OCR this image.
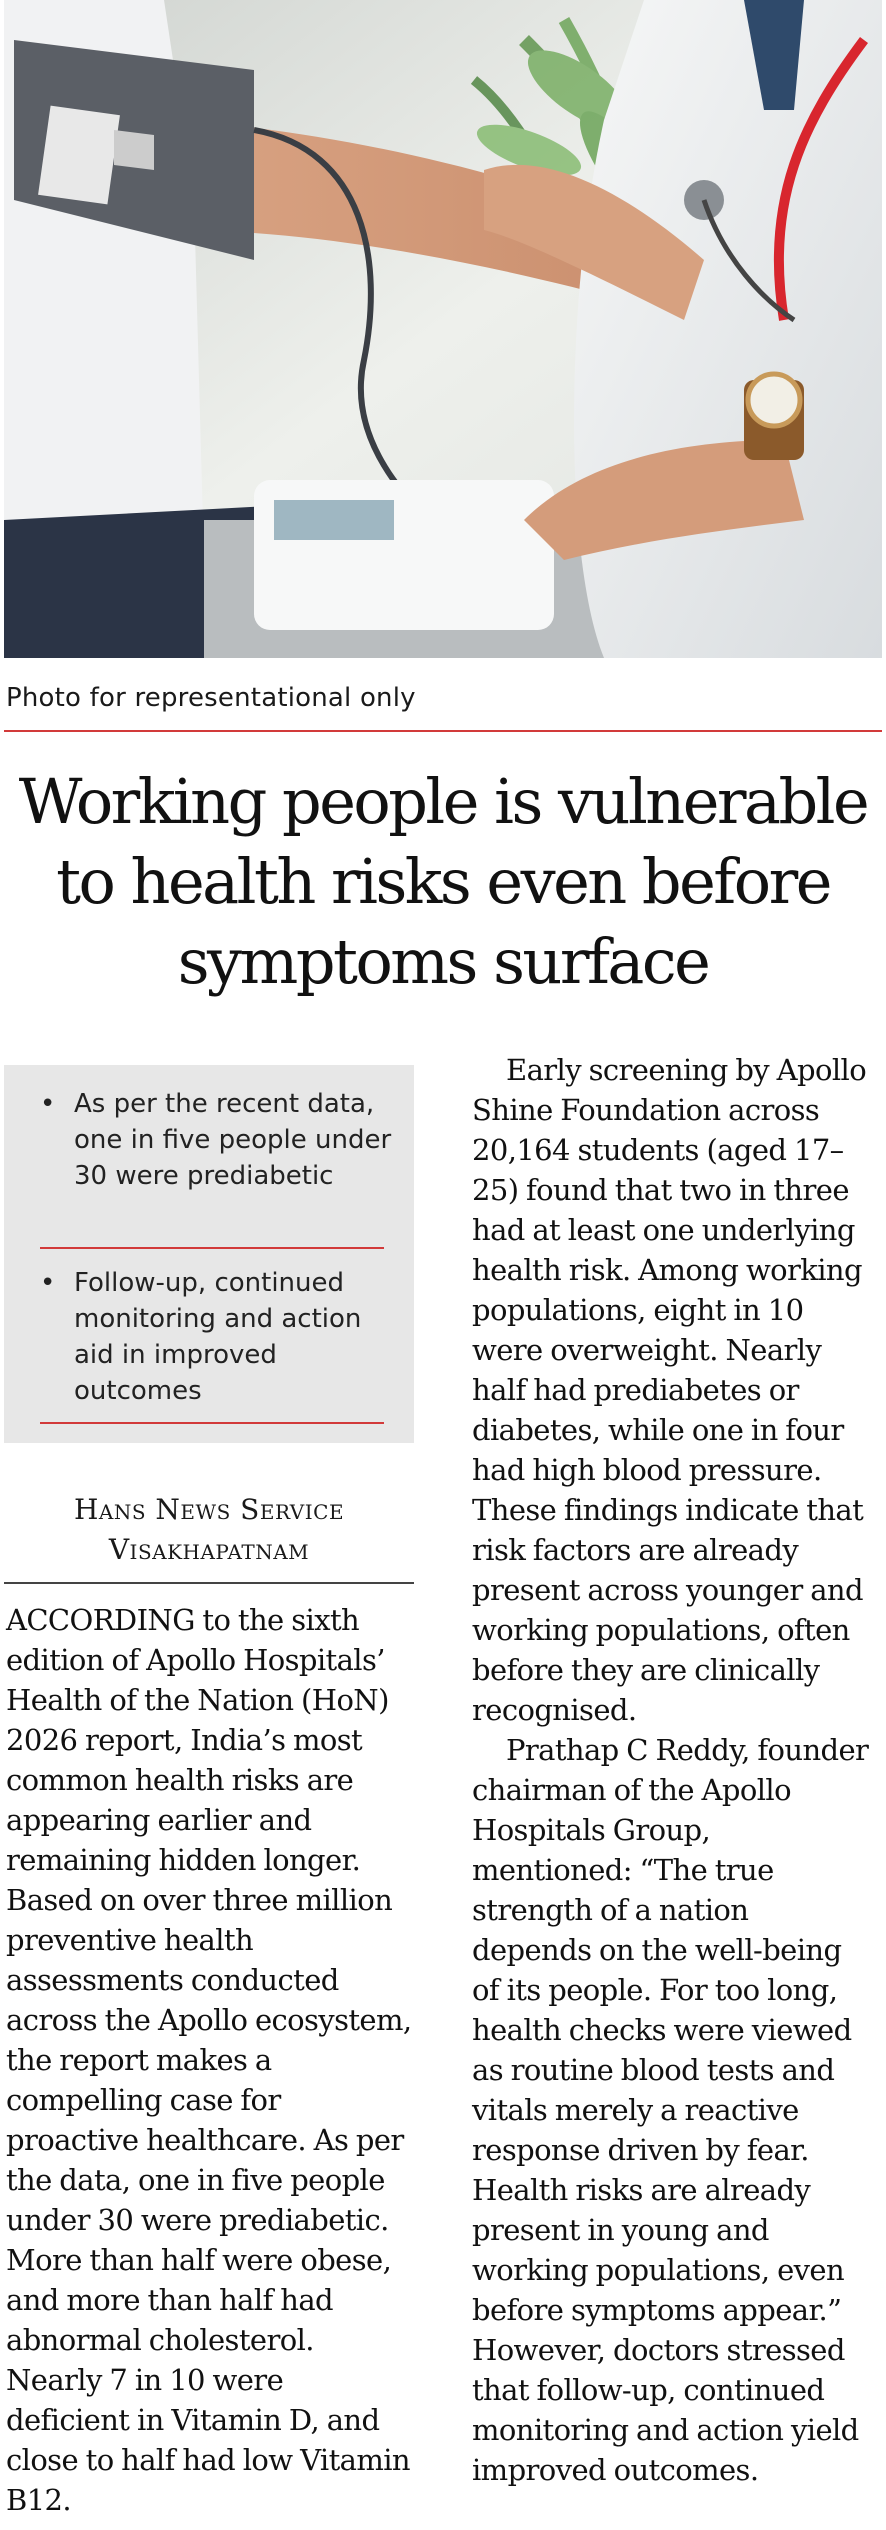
Photo for representational only
Working people is vulnerable to health risks even before symptoms surface
• As per the recent data, one in five people under 30 were prediabetic
• Follow-up, continued monitoring and action aid in improved outcomes
Hans News Service
Visakhapatnam

ACCORDING to the sixth edition of Apollo Hospitals’ Health of the Nation (HoN) 2026 report, India’s most common health risks are appearing earlier and remaining hidden longer. Based on over three million preventive health assessments conducted across the Apollo ecosystem, the report makes a compelling case for proactive healthcare. As per the data, one in five people under 30 were prediabetic. More than half were obese, and more than half had abnormal cholesterol. Nearly 7 in 10 were deficient in Vitamin D, and close to half had low Vitamin B12.

Early screening by Apollo Shine Foundation across 20,164 students (aged 17–25) found that two in three had at least one underlying health risk. Among working populations, eight in 10 were overweight. Nearly half had prediabetes or diabetes, while one in four had high blood pressure. These findings indicate that risk factors are already present across younger and working populations, often before they are clinically recognised.

Prathap C Reddy, founder chairman of the Apollo Hospitals Group, mentioned: “The true strength of a nation depends on the well-being of its people. For too long, health checks were viewed as routine blood tests and vitals merely a reactive response driven by fear. Health risks are already present in young and working populations, even before symptoms appear.” However, doctors stressed that follow-up, continued monitoring and action yield improved outcomes.
